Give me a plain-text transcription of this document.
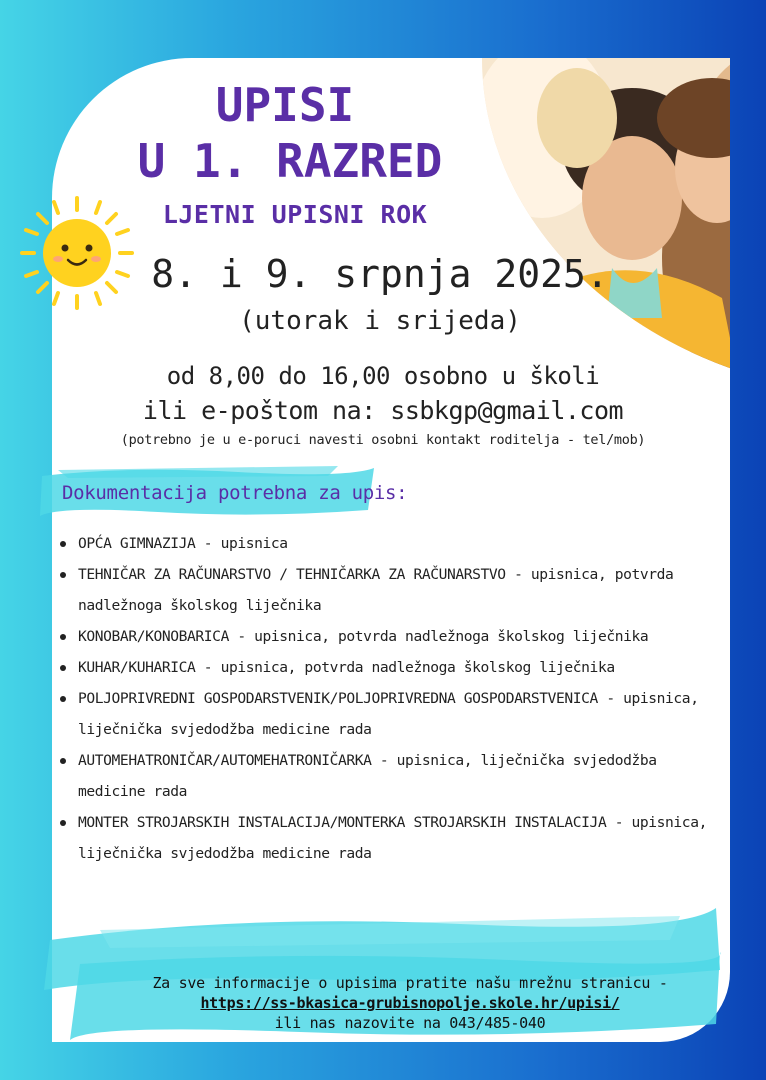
UPISI
U 1. RAZRED
LJETNI UPISNI ROK
8. i 9. srpnja 2025.
(utorak i srijeda)
od 8,00 do 16,00 osobno u školi
ili e-poštom na: ssbkgp@gmail.com
(potrebno je u e-poruci navesti osobni kontakt roditelja - tel/mob)
Dokumentacija potrebna za upis:
OPĆA GIMNAZIJA - upisnica
TEHNIČAR ZA RAČUNARSTVO / TEHNIČARKA ZA RAČUNARSTVO - upisnica, potvrda nadležnoga školskog liječnika
KONOBAR/KONOBARICA - upisnica, potvrda nadležnoga školskog liječnika
KUHAR/KUHARICA - upisnica, potvrda nadležnoga školskog liječnika
POLJOPRIVREDNI GOSPODARSTVENIK/POLJOPRIVREDNA GOSPODARSTVENICA - upisnica, liječnička svjedodžba medicine rada
AUTOMEHATRONIČAR/AUTOMEHATRONIČARKA - upisnica, liječnička svjedodžba medicine rada
MONTER STROJARSKIH INSTALACIJA/MONTERKA STROJARSKIH INSTALACIJA - upisnica, liječnička svjedodžba medicine rada
Za sve informacije o upisima pratite našu mrežnu stranicu -
https://ss-bkasica-grubisnopolje.skole.hr/upisi/
ili nas nazovite na 043/485-040
